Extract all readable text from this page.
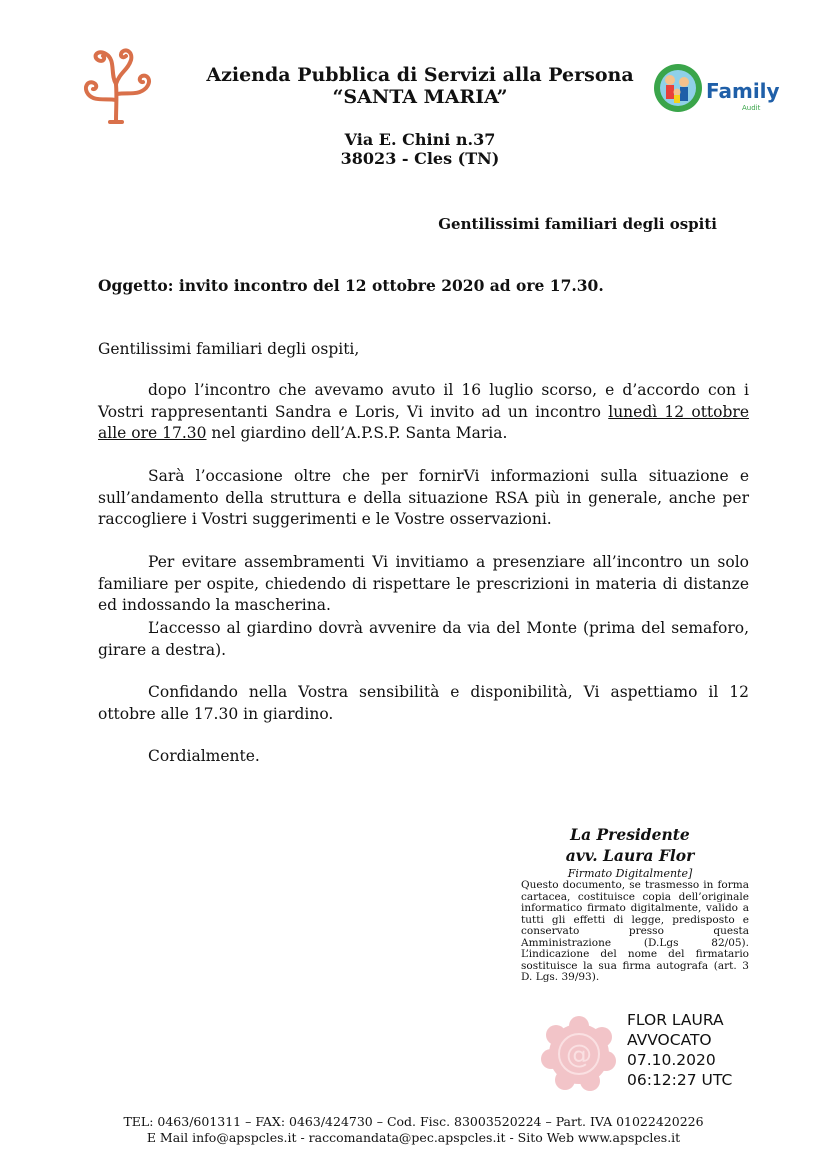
Family
Audit
Azienda Pubblica di Servizi alla Persona
“SANTA MARIA”
Via E. Chini n.37
38023 - Cles (TN)
Gentilissimi familiari degli ospiti
Oggetto: invito incontro del 12 ottobre 2020 ad ore 17.30.
Gentilissimi familiari degli ospiti,
dopo l’incontro che avevamo avuto il 16 luglio scorso, e d’accordo con i Vostri rappresentanti Sandra e Loris, Vi invito ad un incontro lunedì 12 ottobre alle ore 17.30 nel giardino dell’A.P.S.P. Santa Maria.
Sarà l’occasione oltre che per fornirVi informazioni sulla situazione e sull’andamento della struttura e della situazione RSA più in generale, anche per raccogliere i Vostri suggerimenti e le Vostre osservazioni.
Per evitare assembramenti Vi invitiamo a presenziare all’incontro un solo familiare per ospite, chiedendo di rispettare le prescrizioni in materia di distanze ed indossando la mascherina.
L’accesso al giardino dovrà avvenire da via del Monte (prima del semaforo, girare a destra).
Confidando nella Vostra sensibilità e disponibilità, Vi aspettiamo il 12 ottobre alle 17.30 in giardino.
Cordialmente.
La Presidente
avv. Laura Flor
Firmato Digitalmente]
Questo documento, se trasmesso in forma cartacea, costituisce copia dell’originale informatico firmato digitalmente, valido a tutti gli effetti di legge, predisposto e conservato presso questa Amministrazione (D.Lgs 82/05). L’indicazione del nome del firmatario sostituisce la sua firma autografa (art. 3 D. Lgs. 39/93).
@
FLOR LAURA
AVVOCATO
07.10.2020
06:12:27 UTC
TEL: 0463/601311 – FAX: 0463/424730 – Cod. Fisc. 83003520224 – Part. IVA 01022420226
E Mail info@apspcles.it - raccomandata@pec.apspcles.it - Sito Web www.apspcles.it
